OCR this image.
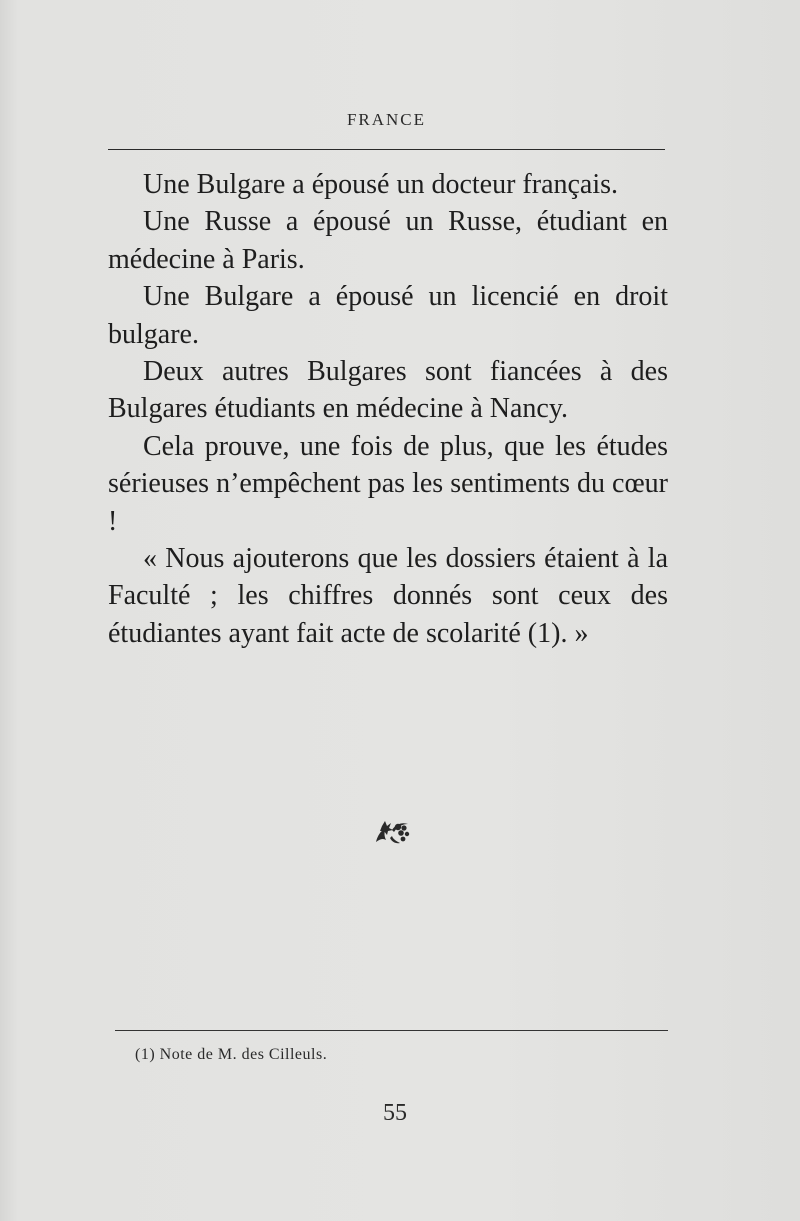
FRANCE

Une Bulgare a épousé un docteur français.

Une Russe a épousé un Russe, étudiant en médecine à Paris.

Une Bulgare a épousé un licencié en droit bulgare.

Deux autres Bulgares sont fiancées à des Bulgares étudiants en médecine à Nancy.

Cela prouve, une fois de plus, que les études sérieuses n’empêchent pas les sentiments du cœur !

« Nous ajouterons que les dossiers étaient à la Faculté ; les chiffres donnés sont ceux des étudiantes ayant fait acte de scolarité (1). »

(1) Note de M. des Cilleuls.
55
